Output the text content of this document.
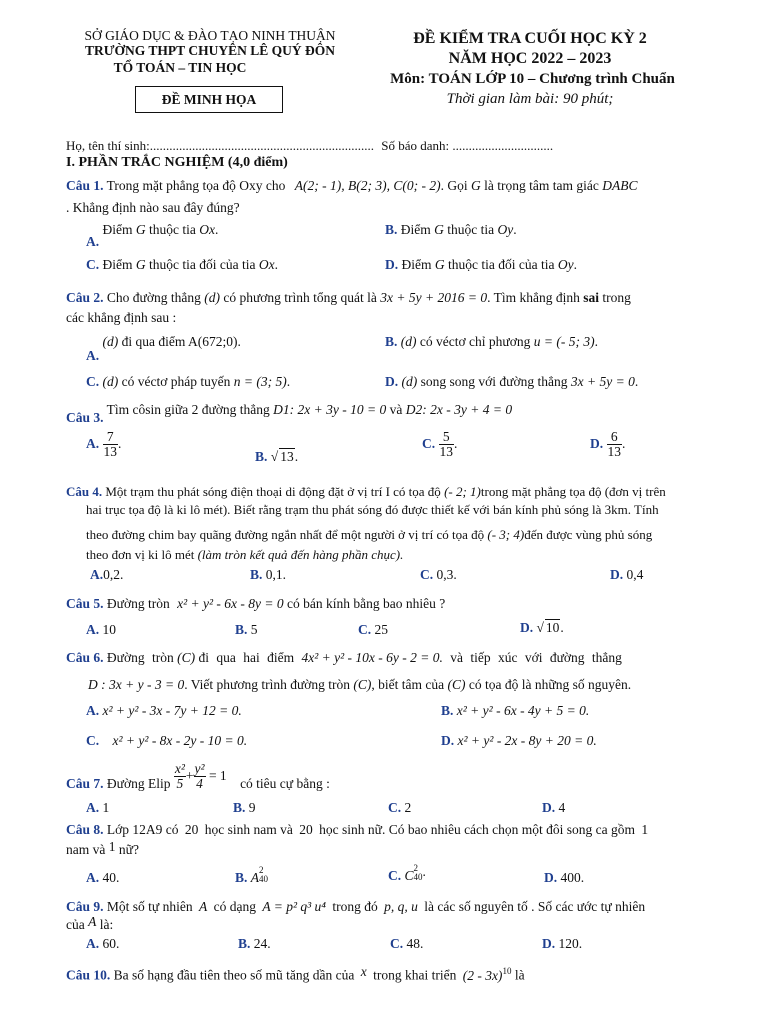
SỞ GIÁO DỤC & ĐÀO TẠO NINH THUẬN
TRƯỜNG THPT CHUYÊN LÊ QUÝ ĐÔN
TỔ TOÁN – TIN HỌC
ĐỀ MINH HỌA
ĐỀ KIỂM TRA CUỐI HỌC KỲ 2
NĂM HỌC 2022 – 2023
Môn: TOÁN LỚP 10 – Chương trình Chuẩn
Thời gian làm bài: 90 phút;
Họ, tên thí sinh:..................................................................... Số báo danh: ...............................
I. PHẦN TRẮC NGHIỆM (4,0 điểm)
Câu 1. Trong mặt phẳng tọa độ Oxy cho A(2; - 1), B(2; 3), C(0; - 2). Gọi G là trọng tâm tam giác DABC
. Khẳng định nào sau đây đúng?
A. Điểm G thuộc tia Ox.	B. Điểm G thuộc tia Oy.
C. Điểm G thuộc tia đối của tia Ox.	D. Điểm G thuộc tia đối của tia Oy.
Câu 2. Cho đường thẳng (d) có phương trình tổng quát là 3x + 5y + 2016 = 0. Tìm khẳng định sai trong
các khẳng định sau :
A. (d) đi qua điểm A(672;0).	B. (d) có véctơ chỉ phương u = (- 5; 3).
C. (d) có véctơ pháp tuyến n = (3; 5).	D. (d) song song với đường thẳng 3x + 5y = 0.
Câu 3. Tìm côsin giữa 2 đường thẳng D1: 2x + 3y - 10 = 0 và D2: 2x - 3y + 4 = 0
A. $\frac{7}{13}$ .
B. √ 13.
C. $\frac{5}{13}$ .	D. $\frac{6}{13}$ .
Câu 4. Một trạm thu phát sóng điện thoại di động đặt ở vị trí I có tọa độ (- 2; 1)trong mặt phẳng tọa độ (đơn vị trên
hai trục tọa độ là ki lô mét). Biết rằng trạm thu phát sóng đó được thiết kế với bán kính phủ sóng là 3km. Tính
theo đường chim bay quãng đường ngắn nhất để một người ở vị trí có tọa độ (- 3; 4)đến được vùng phủ sóng
theo đơn vị ki lô mét (làm tròn kết quả đến hàng phần chục).
A.0,2.	B. 0,1.	C. 0,3.	D. 0,4
Câu 5. Đường tròn x² + y² - 6x - 8y = 0 có bán kính bằng bao nhiêu ?
A. 10	B. 5	C. 25	D. √ 10.
Câu 6. Đường tròn (C) đi qua hai điểm 4x² + y² - 10x - 6y - 2 = 0. và tiếp xúc với đường thẳng
D : 3x + y - 3 = 0. Viết phương trình đường tròn (C), biết tâm của (C) có tọa độ là những số nguyên.
A. x² + y² - 3x - 7y + 12 = 0.	B. x² + y² - 6x - 4y + 5 = 0.
C. x² + y² - 8x - 2y - 10 = 0.	D. x² + y² - 2x - 8y + 20 = 0.
Câu 7. Đường Elip $\frac{\text{x²}}{5} + \frac{\text{y²}}{4} = 1$ có tiêu cự bằng :
A. 1	B. 9	C. 2	D. 4
Câu 8. Lớp 12A9 có 20 học sinh nam và 20 học sinh nữ. Có bao nhiêu cách chọn một đôi song ca gồm 1
nam và 1 nữ?
A. 40.	B. A 2
40	C. C 2
40 .	D. 400.
Câu 9. Một số tự nhiên A có dạng A = p² q³ u⁴ trong đó p, q, u là các số nguyên tố . Số các ước tự nhiên
của A là:
A. 60.	B. 24.	C. 48.	D. 120.
Câu 10. Ba số hạng đầu tiên theo số mũ tăng dần của x trong khai triển (2 - 3x)$^{10}$ là
